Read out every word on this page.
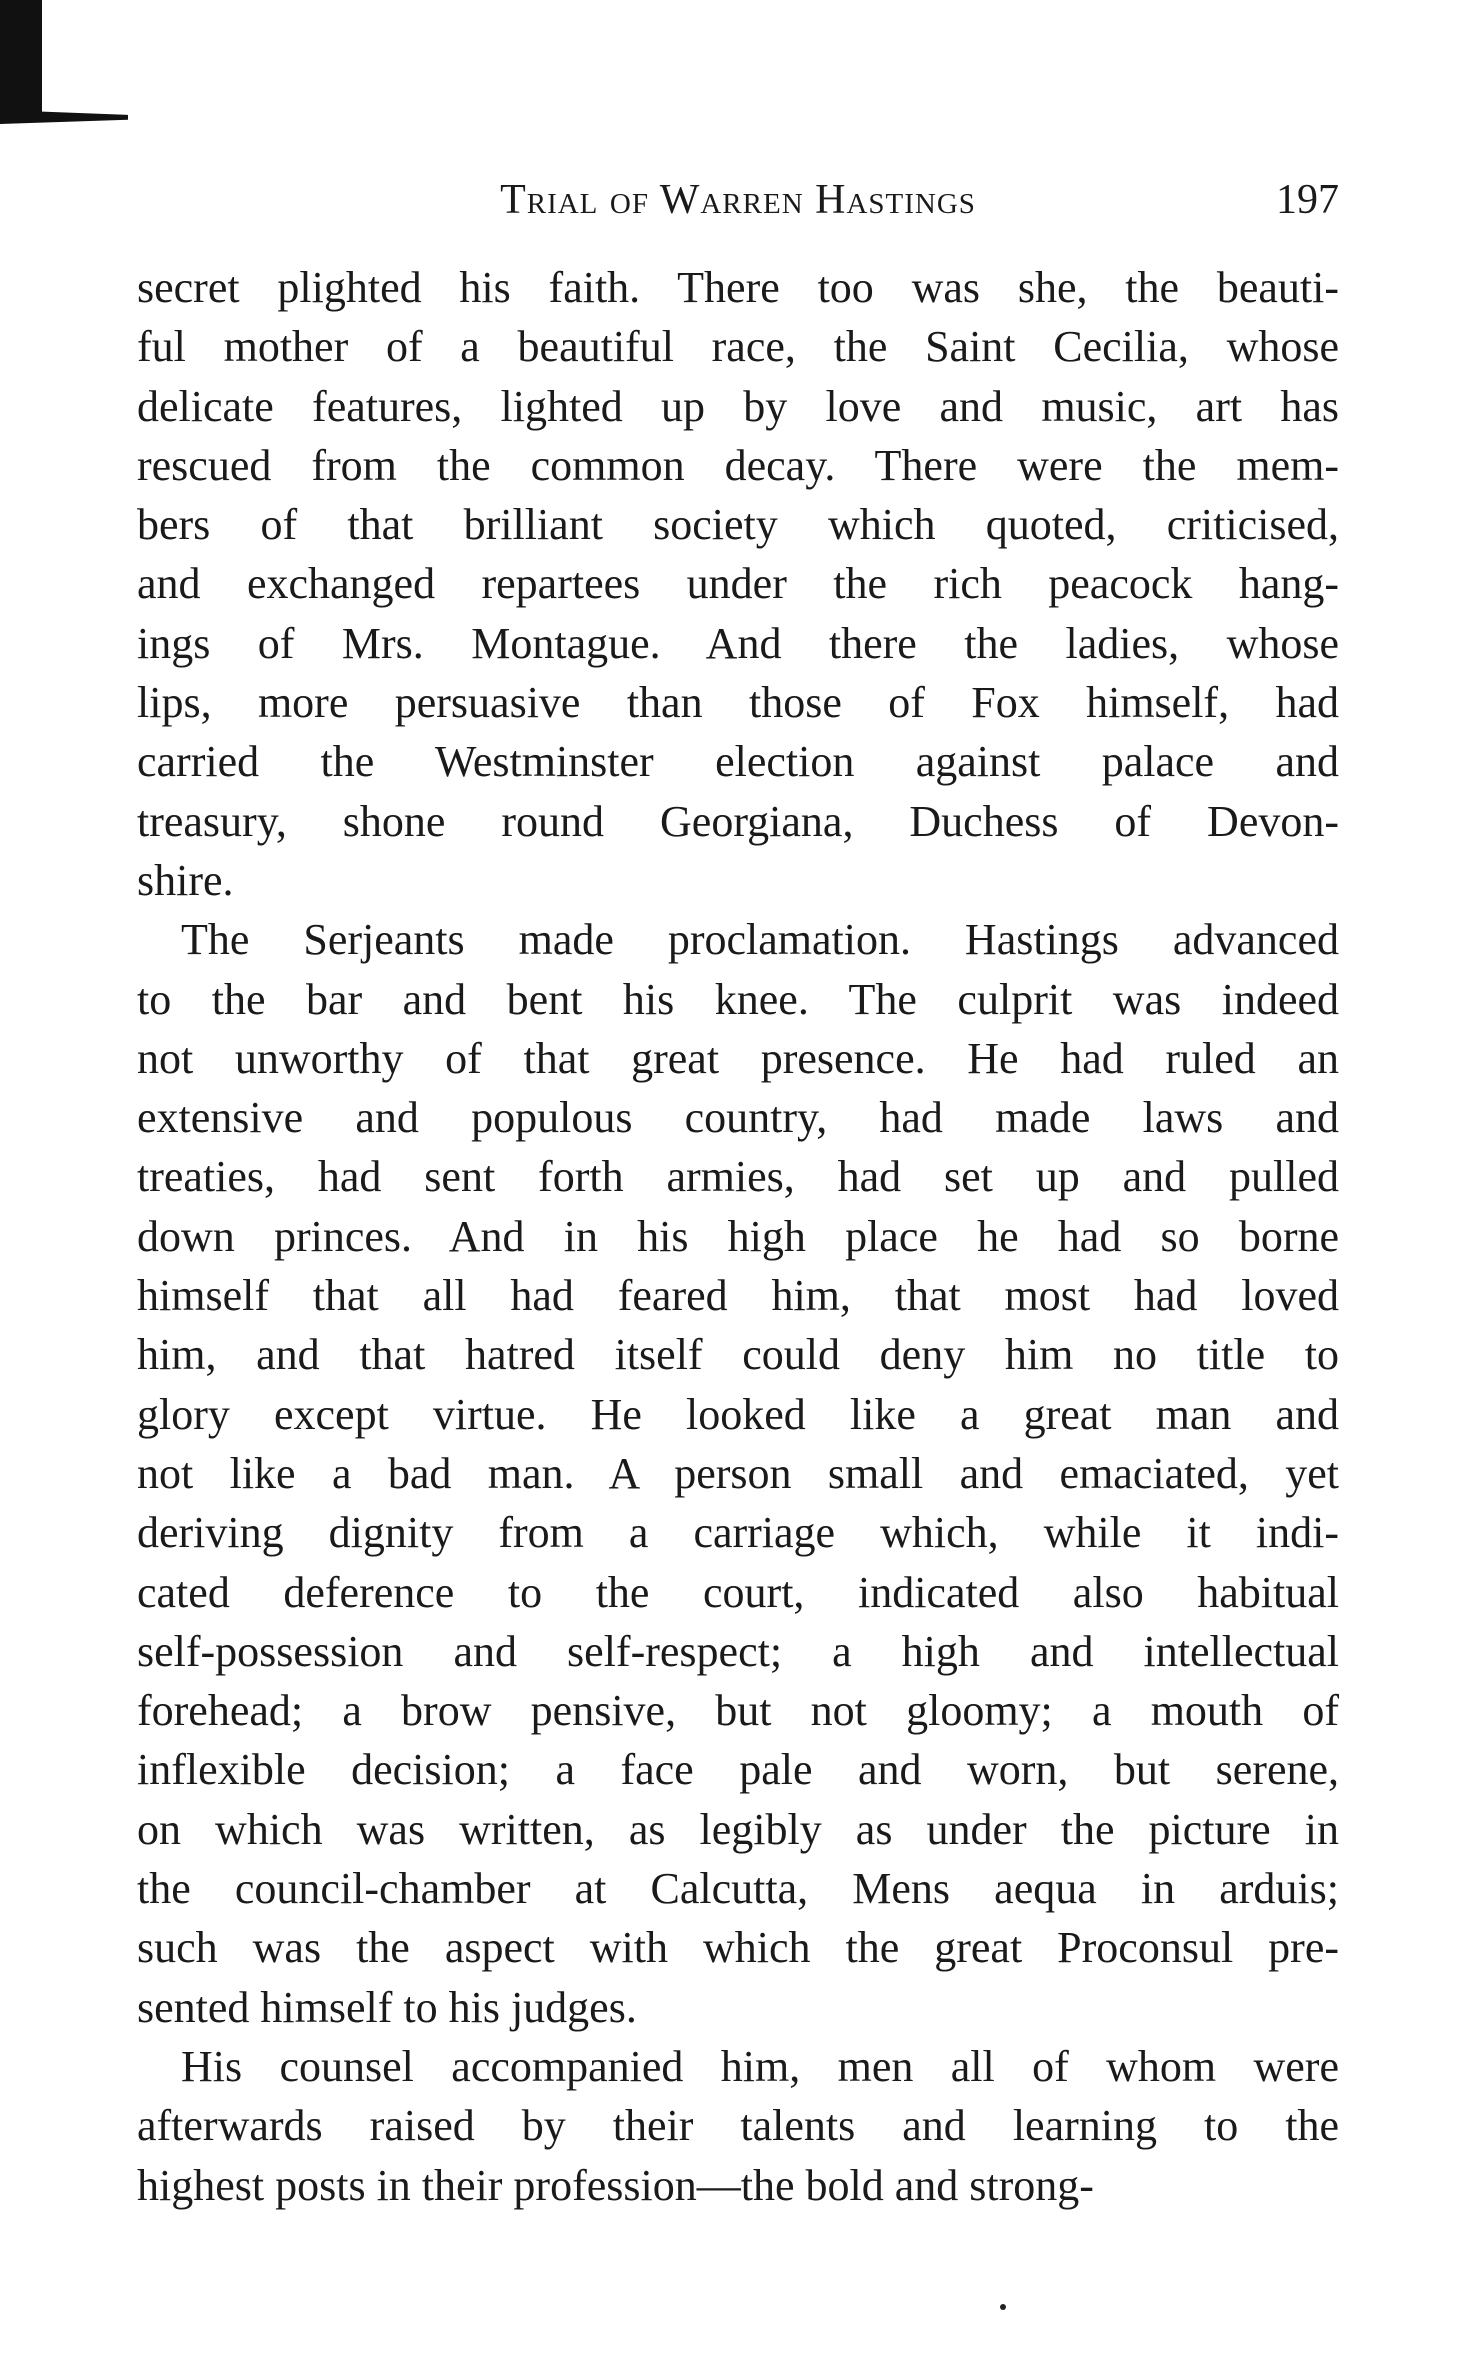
Trial of Warren Hastings	197

secret plighted his faith. There too was she, the beauti-
ful mother of a beautiful race, the Saint Cecilia, whose
delicate features, lighted up by love and music, art has
rescued from the common decay. There were the mem-
bers of that brilliant society which quoted, criticised,
and exchanged repartees under the rich peacock hang-
ings of Mrs. Montague. And there the ladies, whose
lips, more persuasive than those of Fox himself, had
carried the Westminster election against palace and
treasury, shone round Georgiana, Duchess of Devon-
shire.

The Serjeants made proclamation. Hastings advanced
to the bar and bent his knee. The culprit was indeed
not unworthy of that great presence. He had ruled an
extensive and populous country, had made laws and
treaties, had sent forth armies, had set up and pulled
down princes. And in his high place he had so borne
himself that all had feared him, that most had loved
him, and that hatred itself could deny him no title to
glory except virtue. He looked like a great man and
not like a bad man. A person small and emaciated, yet
deriving dignity from a carriage which, while it indi-
cated deference to the court, indicated also habitual
self-possession and self-respect; a high and intellectual
forehead; a brow pensive, but not gloomy; a mouth of
inflexible decision; a face pale and worn, but serene,
on which was written, as legibly as under the picture in
the council-chamber at Calcutta, Mens aequa in arduis;
such was the aspect with which the great Proconsul pre-
sented himself to his judges.

His counsel accompanied him, men all of whom were
afterwards raised by their talents and learning to the
highest posts in their profession—the bold and strong-
